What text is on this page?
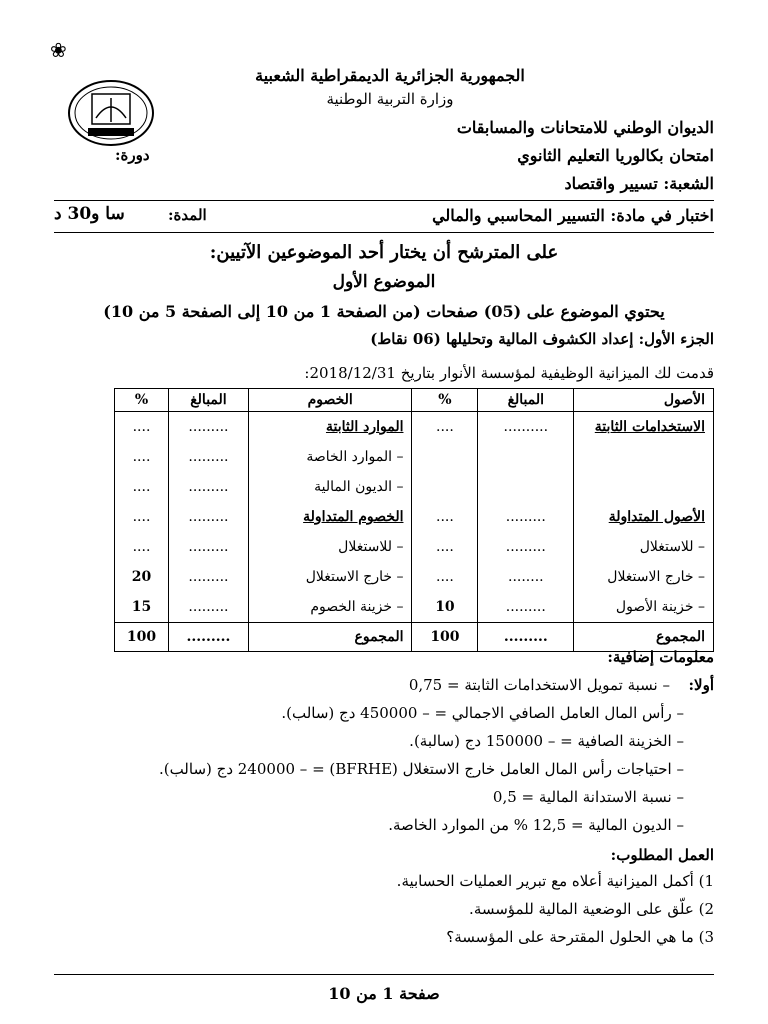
❀
الجمهورية الجزائرية الديمقراطية الشعبية
وزارة التربية الوطنية
الديوان الوطني للامتحانات والمسابقات
امتحان بكالوريا التعليم الثانوي
دورة:
الشعبة: تسيير واقتصاد
اختبار في مادة: التسيير المحاسبي والمالي
المدة:
سا و30 د
على المترشح أن يختار أحد الموضوعين الآتيين:
الموضوع الأول
يحتوي الموضوع على (05) صفحات (من الصفحة 1 من 10 إلى الصفحة 5 من 10)
الجزء الأول: إعداد الكشوف المالية وتحليلها (06 نقاط)
قدمت لك الميزانية الوظيفية لمؤسسة الأنوار بتاريخ 2018/12/31:
الأصول	المبالغ	%	الخصوم	المبالغ	%
الاستخدامات الثابتة	..........	....	الموارد الثابتة	.........	....
			– الموارد الخاصة	.........	....
			– الديون المالية	.........	....
الأصول المتداولة	.........	....	الخصوم المتداولة	.........	....
– للاستغلال	.........	....	– للاستغلال	.........	....
– خارج الاستغلال	........	....	– خارج الاستغلال	.........	20
– خزينة الأصول	.........	10	– خزينة الخصوم	.........	15
المجموع	.........	100	المجموع	.........	100
معلومات إضافية:
أولا:
– نسبة تمويل الاستخدامات الثابتة = 0,75
– رأس المال العامل الصافي الاجمالي = – 450000 دج (سالب).
– الخزينة الصافية = – 150000 دج (سالبة).
– احتياجات رأس المال العامل خارج الاستغلال (BFRHE) = – 240000 دج (سالب).
– نسبة الاستدانة المالية = 0,5
– الديون المالية = 12,5 % من الموارد الخاصة.
العمل المطلوب:
1) أكمل الميزانية أعلاه مع تبرير العمليات الحسابية.
2) علّق على الوضعية المالية للمؤسسة.
3) ما هي الحلول المقترحة على المؤسسة؟
صفحة 1 من 10
